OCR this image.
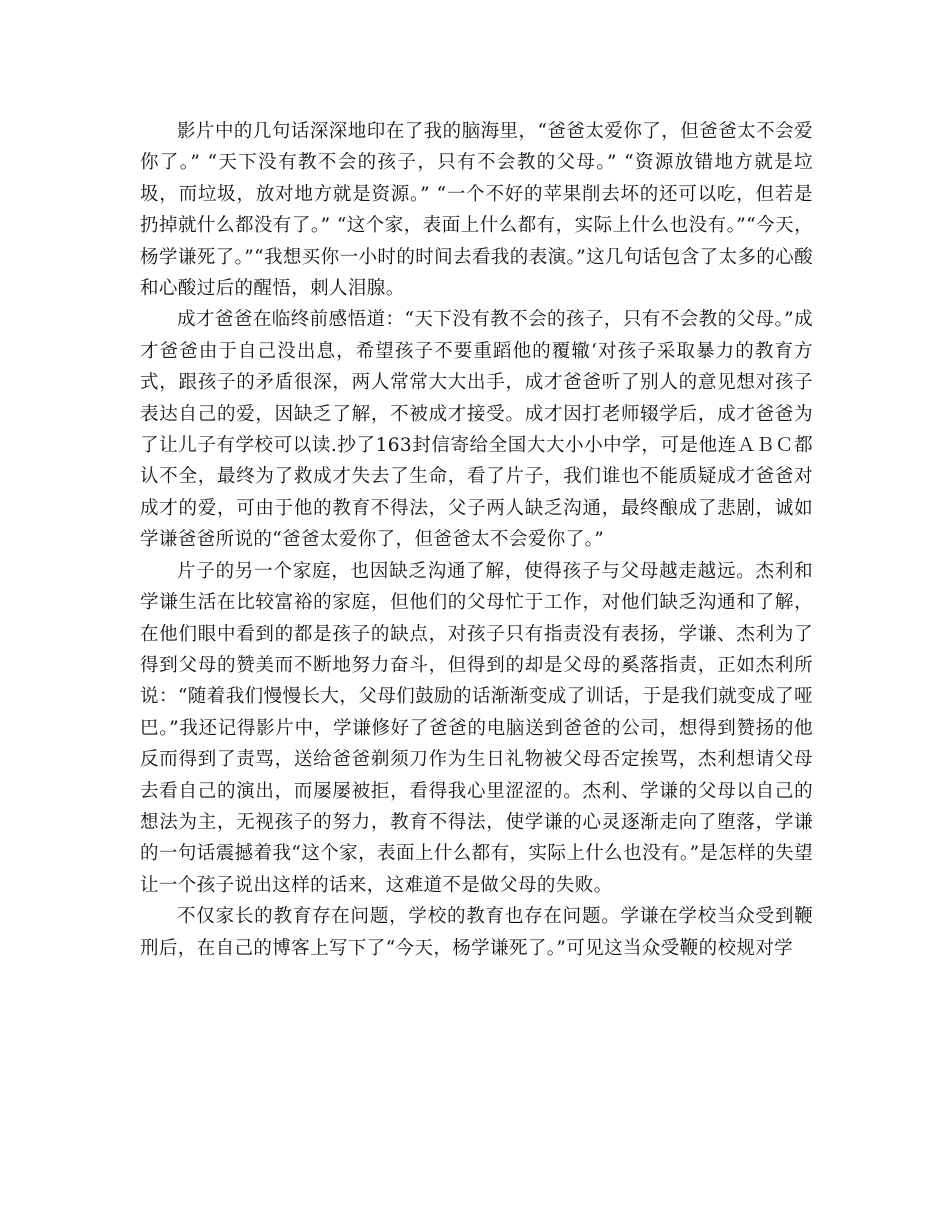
影片中的几句话深深地印在了我的脑海里，“爸爸太爱你了，但爸爸太不会爱你了。” “天下没有教不会的孩子，只有不会教的父母。” “资源放错地方就是垃圾，而垃圾，放对地方就是资源。” “一个不好的苹果削去坏的还可以吃，但若是扔掉就什么都没有了。” “这个家，表面上什么都有，实际上什么也没有。”“今天，杨学谦死了。”“我想买你一小时的时间去看我的表演。”这几句话包含了太多的心酸和心酸过后的醒悟，刺人泪腺。

成才爸爸在临终前感悟道：“天下没有教不会的孩子，只有不会教的父母。”成才爸爸由于自己没出息，希望孩子不要重蹈他的覆辙‘对孩子采取暴力的教育方式，跟孩子的矛盾很深，两人常常大大出手，成才爸爸听了别人的意见想对孩子表达自己的爱，因缺乏了解，不被成才接受。成才因打老师辍学后，成才爸爸为了让儿子有学校可以读.抄了163封信寄给全国大大小小中学，可是他连ＡＢＣ都认不全，最终为了救成才失去了生命，看了片子，我们谁也不能质疑成才爸爸对成才的爱，可由于他的教育不得法，父子两人缺乏沟通，最终酿成了悲剧，诚如学谦爸爸所说的“爸爸太爱你了，但爸爸太不会爱你了。”

片子的另一个家庭，也因缺乏沟通了解，使得孩子与父母越走越远。杰利和学谦生活在比较富裕的家庭，但他们的父母忙于工作，对他们缺乏沟通和了解，在他们眼中看到的都是孩子的缺点，对孩子只有指责没有表扬，学谦、杰利为了得到父母的赞美而不断地努力奋斗，但得到的却是父母的奚落指责，正如杰利所说：“随着我们慢慢长大，父母们鼓励的话渐渐变成了训话，于是我们就变成了哑巴。”我还记得影片中，学谦修好了爸爸的电脑送到爸爸的公司，想得到赞扬的他反而得到了责骂，送给爸爸剃须刀作为生日礼物被父母否定挨骂，杰利想请父母去看自己的演出，而屡屡被拒，看得我心里涩涩的。杰利、学谦的父母以自己的想法为主，无视孩子的努力，教育不得法，使学谦的心灵逐渐走向了堕落，学谦的一句话震撼着我“这个家，表面上什么都有，实际上什么也没有。”是怎样的失望让一个孩子说出这样的话来，这难道不是做父母的失败。

不仅家长的教育存在问题，学校的教育也存在问题。学谦在学校当众受到鞭刑后，在自己的博客上写下了“今天，杨学谦死了。”可见这当众受鞭的校规对学
